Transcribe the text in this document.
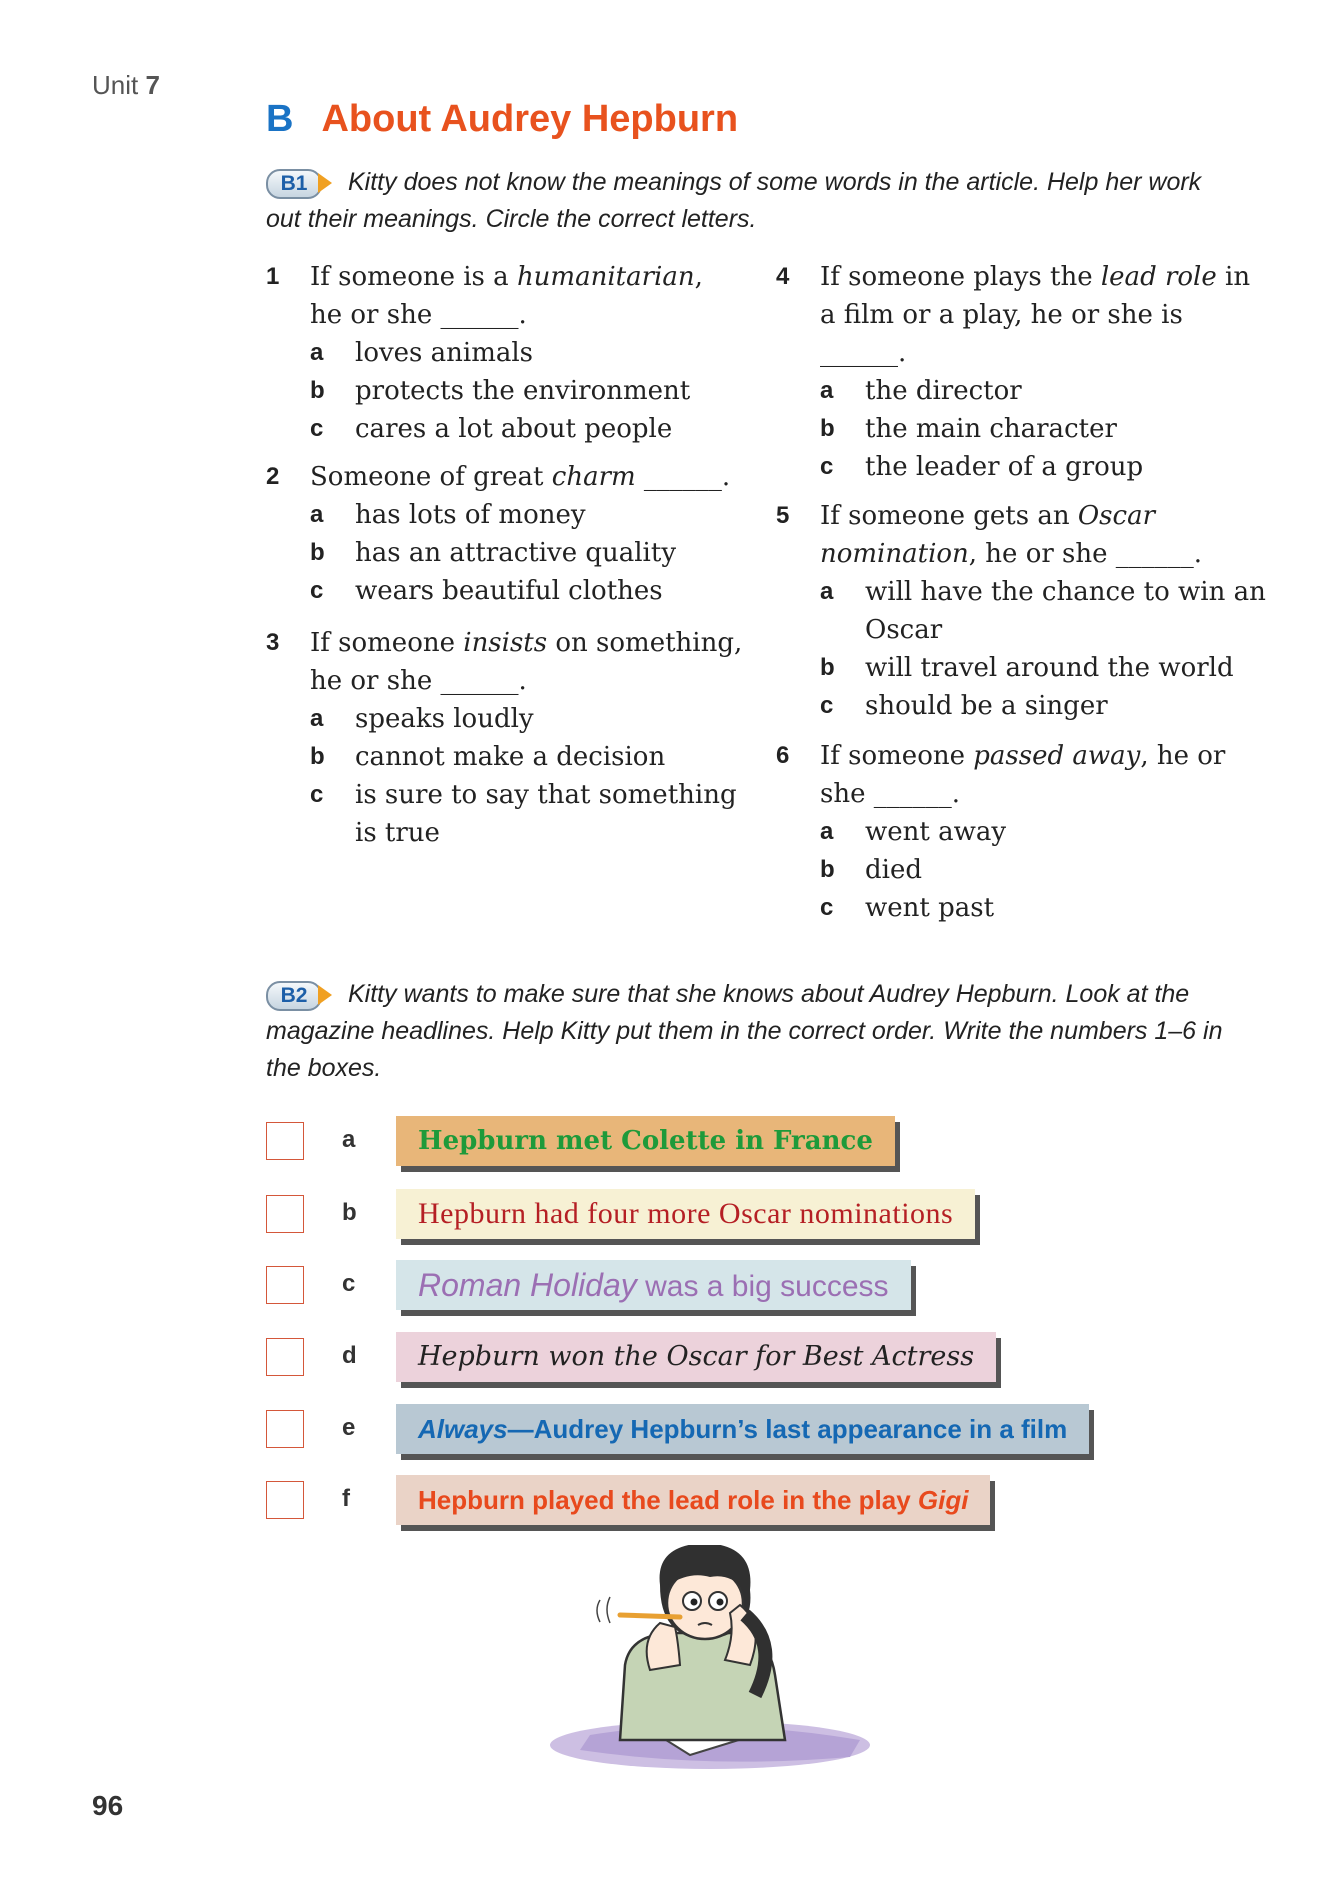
Unit 7
B About Audrey Hepburn
B1	Kitty does not know the meanings of some words in the article. Help her work out their meanings. Circle the correct letters.
1 If someone is a humanitarian, he or she ______.
a loves animals
b protects the environment
c cares a lot about people
2 Someone of great charm ______.
a has lots of money
b has an attractive quality
c wears beautiful clothes
3 If someone insists on something, he or she ______.
a speaks loudly
b cannot make a decision
c is sure to say that something is true
4 If someone plays the lead role in a film or a play, he or she is ______.
a the director
b the main character
c the leader of a group
5 If someone gets an Oscar nomination, he or she ______.
a will have the chance to win an Oscar
b will travel around the world
c should be a singer
6 If someone passed away, he or she ______.
a went away
b died
c went past
B2	Kitty wants to make sure that she knows about Audrey Hepburn. Look at the magazine headlines. Help Kitty put them in the correct order. Write the numbers 1–6 in the boxes.
a	Hepburn met Colette in France
b	Hepburn had four more Oscar nominations
c	Roman Holiday was a big success
d	Hepburn won the Oscar for Best Actress
e	Always—Audrey Hepburn’s last appearance in a film
f	Hepburn played the lead role in the play Gigi
96
